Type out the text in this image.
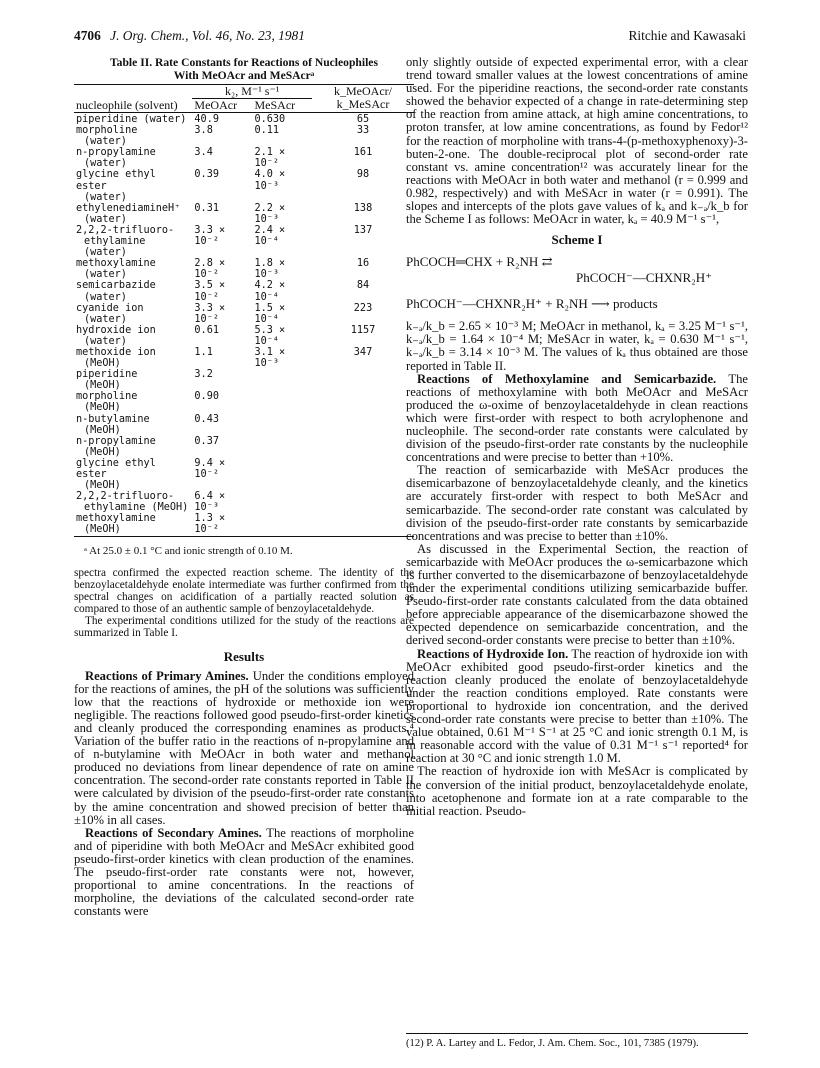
4706 J. Org. Chem., Vol. 46, No. 23, 1981	Ritchie and Kawasaki
Table II. Rate Constants for Reactions of Nucleophiles
With MeOAcr and MeSAcrᵃ
	k₂, M⁻¹ s⁻¹		k_MeOAcr/ k_MeSAcr
nucleophile (solvent)	MeOAcr	MeSAcr	

piperidine (water)	40.9	0.630	65

morpholine
(water)	3.8	0.11	33

n-propylamine
(water)	3.4	2.1 × 10⁻²	161

glycine ethyl ester
(water)	0.39	4.0 × 10⁻³	98

ethylenediamineH⁺
(water)	0.31	2.2 × 10⁻³	138

2,2,2-trifluoro-
ethylamine (water)	3.3 × 10⁻²	2.4 × 10⁻⁴	137

methoxylamine
(water)	2.8 × 10⁻²	1.8 × 10⁻³	16

semicarbazide
(water)	3.5 × 10⁻²	4.2 × 10⁻⁴	84

cyanide ion
(water)	3.3 × 10⁻²	1.5 × 10⁻⁴	223

hydroxide ion
(water)	0.61	5.3 × 10⁻⁴	1157

methoxide ion
(MeOH)	1.1	3.1 × 10⁻³	347

piperidine
(MeOH)	3.2		

morpholine
(MeOH)	0.90		

n-butylamine
(MeOH)	0.43		

n-propylamine
(MeOH)	0.37		

glycine ethyl ester
(MeOH)	9.4 × 10⁻²		

2,2,2-trifluoro-
ethylamine (MeOH)	6.4 × 10⁻³		

methoxylamine
(MeOH)	1.3 × 10⁻²		

ᵃ At 25.0 ± 0.1 °C and ionic strength of 0.10 M.

spectra confirmed the expected reaction scheme. The identity of the benzoylacetaldehyde enolate intermediate was further confirmed from the spectral changes on acidification of a partially reacted solution as compared to those of an authentic sample of benzoylacetaldehyde.

The experimental conditions utilized for the study of the reactions are summarized in Table I.

Results

Reactions of Primary Amines. Under the conditions employed for the reactions of amines, the pH of the solutions was sufficiently low that the reactions of hydroxide or methoxide ion were negligible. The reactions followed good pseudo-first-order kinetics and cleanly produced the corresponding enamines as products.⁴ Variation of the buffer ratio in the reactions of n-propylamine and of n-butylamine with MeOAcr in both water and methanol produced no deviations from linear dependence of rate on amine concentration. The second-order rate constants reported in Table II were calculated by division of the pseudo-first-order rate constants by the amine concentration and showed precision of better than ±10% in all cases.

Reactions of Secondary Amines. The reactions of morpholine and of piperidine with both MeOAcr and MeSAcr exhibited good pseudo-first-order kinetics with clean production of the enamines. The pseudo-first-order rate constants were not, however, proportional to amine concentrations. In the reactions of morpholine, the deviations of the calculated second-order rate constants were

only slightly outside of expected experimental error, with a clear trend toward smaller values at the lowest concentrations of amine used. For the piperidine reactions, the second-order rate constants showed the behavior expected of a change in rate-determining step of the reaction from amine attack, at high amine concentrations, to proton transfer, at low amine concentrations, as found by Fedor¹² for the reaction of morpholine with trans-4-(p-methoxyphenoxy)-3-buten-2-one. The double-reciprocal plot of second-order rate constant vs. amine concentration¹² was accurately linear for the reactions with MeOAcr in both water and methanol (r = 0.999 and 0.982, respectively) and with MeSAcr in water (r = 0.991). The slopes and intercepts of the plots gave values of kₐ and k₋ₐ/k_b for the Scheme I as follows: MeOAcr in water, kₐ = 40.9 M⁻¹ s⁻¹,

Scheme I
PhCOCH═CHX + R₂NH ⇄
PhCOCH⁻—CHXNR₂H⁺
PhCOCH⁻—CHXNR₂H⁺ + R₂NH ⟶ products

k₋ₐ/k_b = 2.65 × 10⁻³ M; MeOAcr in methanol, kₐ = 3.25 M⁻¹ s⁻¹, k₋ₐ/k_b = 1.64 × 10⁻⁴ M; MeSAcr in water, kₐ = 0.630 M⁻¹ s⁻¹, k₋ₐ/k_b = 3.14 × 10⁻³ M. The values of kₐ thus obtained are those reported in Table II.

Reactions of Methoxylamine and Semicarbazide. The reactions of methoxylamine with both MeOAcr and MeSAcr produced the ω-oxime of benzoylacetaldehyde in clean reactions which were first-order with respect to both acrylophenone and nucleophile. The second-order rate constants were calculated by division of the pseudo-first-order rate constants by the nucleophile concentrations and were precise to better than +10%.

The reaction of semicarbazide with MeSAcr produces the disemicarbazone of benzoylacetaldehyde cleanly, and the kinetics are accurately first-order with respect to both MeSAcr and semicarbazide. The second-order rate constant was calculated by division of the pseudo-first-order rate constants by semicarbazide concentrations and was precise to better than ±10%.

As discussed in the Experimental Section, the reaction of semicarbazide with MeOAcr produces the ω-semicarbazone which is further converted to the disemicarbazone of benzoylacetaldehyde under the experimental conditions utilizing semicarbazide buffer. Pseudo-first-order rate constants calculated from the data obtained before appreciable appearance of the disemicarbazone showed the expected dependence on semicarbazide concentration, and the derived second-order constants were precise to better than ±10%.

Reactions of Hydroxide Ion. The reaction of hydroxide ion with MeOAcr exhibited good pseudo-first-order kinetics and the reaction cleanly produced the enolate of benzoylacetaldehyde under the reaction conditions employed. Rate constants were proportional to hydroxide ion concentration, and the derived second-order rate constants were precise to better than ±10%. The value obtained, 0.61 M⁻¹ S⁻¹ at 25 °C and ionic strength 0.1 M, is in reasonable accord with the value of 0.31 M⁻¹ s⁻¹ reported⁴ for reaction at 30 °C and ionic strength 1.0 M.

The reaction of hydroxide ion with MeSAcr is complicated by the conversion of the initial product, benzoylacetaldehyde enolate, into acetophenone and formate ion at a rate comparable to the initial reaction. Pseudo-

(12) P. A. Lartey and L. Fedor, J. Am. Chem. Soc., 101, 7385 (1979).
